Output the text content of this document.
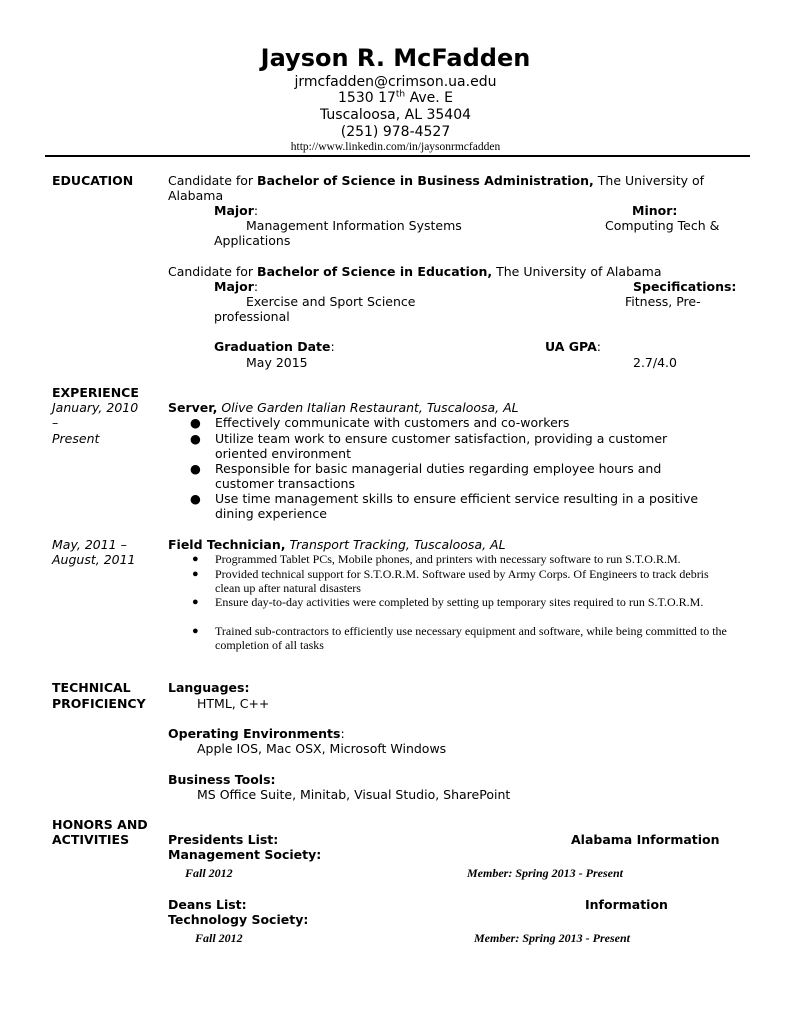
Jayson R. McFadden
jrmcfadden@crimson.ua.edu
1530 17th Ave. E
Tuscaloosa, AL 35404
(251) 978-4527
http://www.linkedin.com/in/jaysonrmcfadden
EDUCATION	Candidate for Bachelor of Science in Business Administration, The University of
Alabama
Major:	Minor:
Management Information Systems	Computing Tech &
Applications
Candidate for Bachelor of Science in Education, The University of Alabama
Major:	Specifications:
Exercise and Sport Science	Fitness, Pre-
professional
Graduation Date:	UA GPA:
May 2015	2.7/4.0
EXPERIENCE
January, 2010
–
Present
Server, Olive Garden Italian Restaurant, Tuscaloosa, AL
● Effectively communicate with customers and co-workers
● Utilize team work to ensure customer satisfaction, providing a customer oriented environment
● Responsible for basic managerial duties regarding employee hours and customer transactions
● Use time management skills to ensure efficient service resulting in a positive dining experience
May, 2011 –
August, 2011
Field Technician, Transport Tracking, Tuscaloosa, AL
● Programmed Tablet PCs, Mobile phones, and printers with necessary software to run S.T.O.R.M.
● Provided technical support for S.T.O.R.M. Software used by Army Corps. Of Engineers to track debris clean up after natural disasters
● Ensure day-to-day activities were completed by setting up temporary sites required to run S.T.O.R.M.
● Trained sub-contractors to efficiently use necessary equipment and software, while being committed to the completion of all tasks
TECHNICAL
PROFICIENCY
Languages:
HTML, C++
Operating Environments:
Apple IOS, Mac OSX, Microsoft Windows
Business Tools:
MS Office Suite, Minitab, Visual Studio, SharePoint
HONORS AND
ACTIVITIES	Presidents List:	Alabama Information
Management Society:
Fall 2012	Member: Spring 2013 - Present
Deans List:	Information
Technology Society:
Fall 2012	Member: Spring 2013 - Present
